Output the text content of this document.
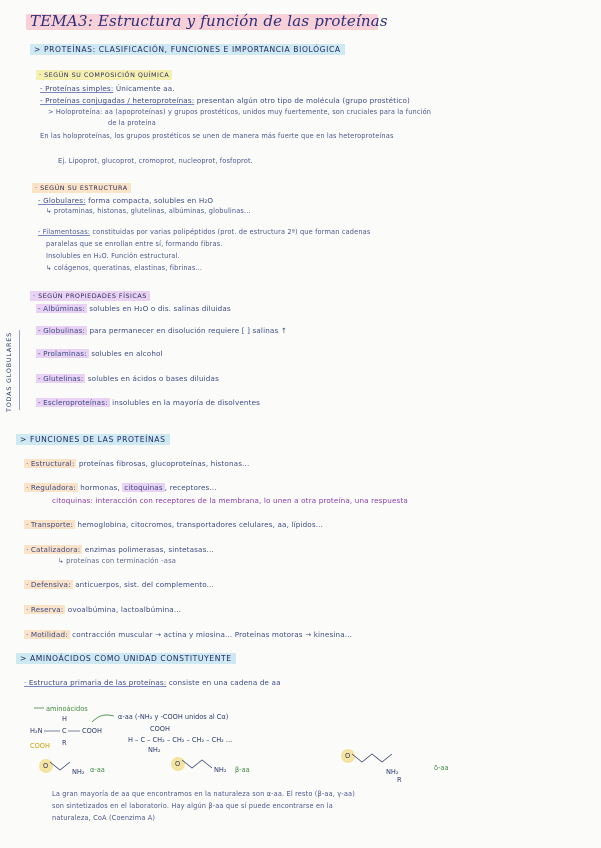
TEMA3: Estructura y función de las proteínas
> PROTEÍNAS: CLASIFICACIÓN, FUNCIONES E IMPORTANCIA BIOLÓGICA
· SEGÚN SU COMPOSICIÓN QUÍMICA
- Proteínas simples: Únicamente aa.
- Proteínas conjugadas / heteroproteínas: presentan algún otro tipo de molécula (grupo prostético)
> Holoproteína: aa (apoproteínas) y grupos prostéticos, unidos muy fuertemente, son cruciales para la función
de la proteína
En las holoproteínas, los grupos prostéticos se unen de manera más fuerte que en las heteroproteínas
Ej. Lipoprot, glucoprot, cromoprot, nucleoprot, fosfoprot.
· SEGÚN SU ESTRUCTURA
- Globulares: forma compacta, solubles en H₂O
↳ protaminas, histonas, glutelinas, albúminas, globulinas...
- Filamentosas: constituidas por varias polipéptidos (prot. de estructura 2ª) que forman cadenas
paralelas que se enrollan entre sí, formando fibras.
Insolubles en H₂O. Función estructural.
↳ colágenos, queratinas, elastinas, fibrinas...
· SEGÚN PROPIEDADES FÍSICAS
TODAS GLOBULARES
- Albúminas: solubles en H₂O o dis. salinas diluidas
- Globulinas: para permanecer en disolución requiere [ ] salinas ↑
- Prolaminas: solubles en alcohol
- Glutelinas: solubles en ácidos o bases diluidas
- Escleroproteínas: insolubles en la mayoría de disolventes
> FUNCIONES DE LAS PROTEÍNAS
· Estructural: proteínas fibrosas, glucoproteínas, histonas...
· Reguladora: hormonas, citoquinas , receptores...
citoquinas: interacción con receptores de la membrana, lo unen a otra proteína, una respuesta
· Transporte: hemoglobina, citocromos, transportadores celulares, aa, lípidos...
· Catalizadora: enzimas polimerasas, sintetasas...
↳ proteínas con terminación -asa
· Defensiva: anticuerpos, sist. del complemento...
· Reserva: ovoalbúmina, lactoalbúmina...
· Motilidad: contracción muscular → actina y miosina... Proteínas motoras → kinesina...
> AMINOÁCIDOS COMO UNIDAD CONSTITUYENTE
· Estructura primaria de las proteínas: consiste en una cadena de aa
aminoácidos
H
H₂N	C COOH
R
α-aa (-NH₂ y -COOH unidos al Cα)
COOH
H – C – CH₂ – CH₂ – CH₂ – CH₂ ...
NH₂
COOH
O
NH₂ α-aa
O
NH₂ β-aa
O
NH₂
R
δ-aa
La gran mayoría de aa que encontramos en la naturaleza son α-aa. El resto (β-aa, γ-aa)
son sintetizados en el laboratorio. Hay algún β-aa que sí puede encontrarse en la
naturaleza, CoA (Coenzima A)
